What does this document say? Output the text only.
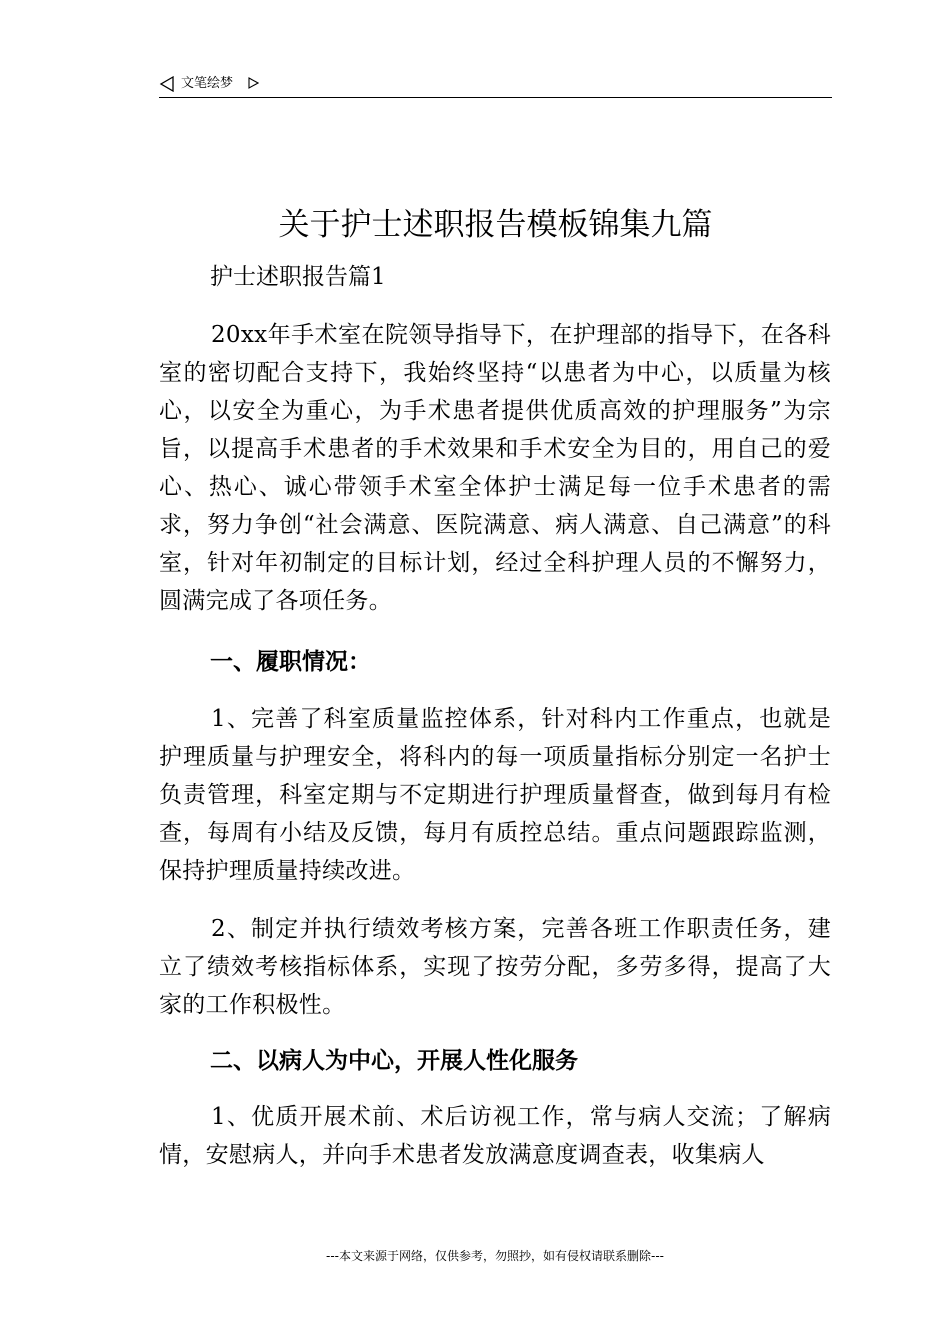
文笔绘梦
关于护士述职报告模板锦集九篇

护士述职报告篇1

20xx年手术室在院领导指导下，在护理部的指导下，在各科室的密切配合支持下，我始终坚持“以患者为中心，以质量为核心，以安全为重心，为手术患者提供优质高效的护理服务”为宗旨，以提高手术患者的手术效果和手术安全为目的，用自己的爱心、热心、诚心带领手术室全体护士满足每一位手术患者的需求，努力争创“社会满意、医院满意、病人满意、自己满意”的科室，针对年初制定的目标计划，经过全科护理人员的不懈努力，圆满完成了各项任务。

一、履职情况：

1、完善了科室质量监控体系，针对科内工作重点，也就是护理质量与护理安全，将科内的每一项质量指标分别定一名护士负责管理，科室定期与不定期进行护理质量督查，做到每月有检查，每周有小结及反馈，每月有质控总结。重点问题跟踪监测，保持护理质量持续改进。

2、制定并执行绩效考核方案，完善各班工作职责任务，建立了绩效考核指标体系，实现了按劳分配，多劳多得，提高了大家的工作积极性。

二、以病人为中心，开展人性化服务

1、优质开展术前、术后访视工作，常与病人交流；了解病情，安慰病人，并向手术患者发放满意度调查表，收集病人

---本文来源于网络，仅供参考，勿照抄，如有侵权请联系删除---
